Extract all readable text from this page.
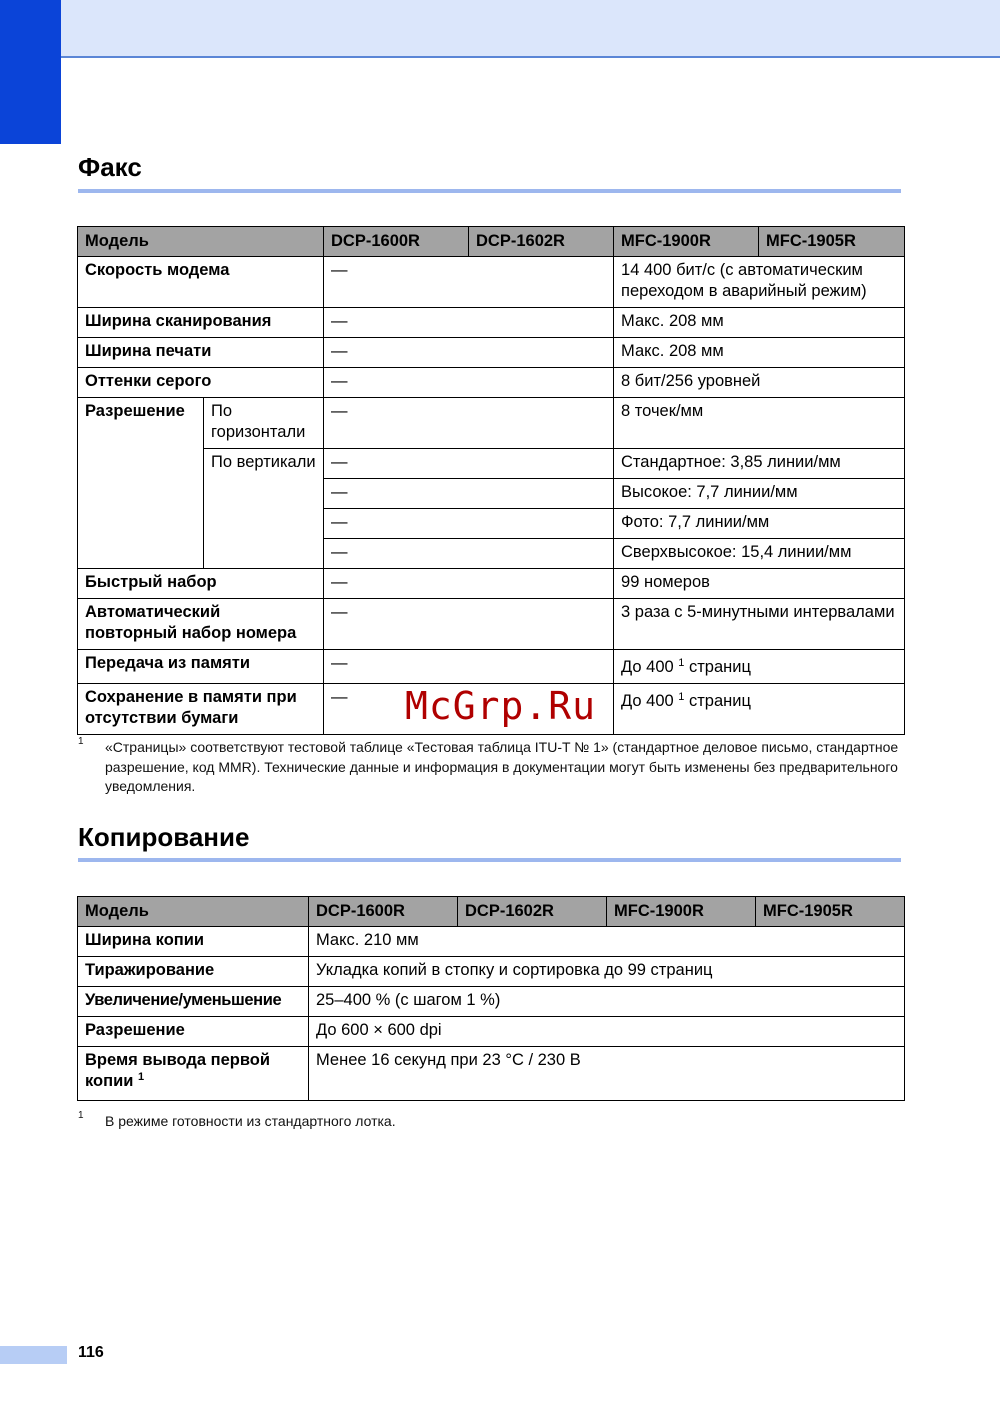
Факс
Модель		DCP-1600R	DCP-1602R	MFC-1900R	MFC-1905R
Скорость модема		—		14 400 бит/с (с автоматическим переходом в аварийный режим)	
Ширина сканирования		—		Макс. 208 мм	
Ширина печати		—		Макс. 208 мм	
Оттенки серого		—		8 бит/256 уровней	
Разрешение	По горизонтали	—		8 точек/мм	
	По вертикали	—		Стандартное: 3,85 линии/мм	
		—		Высокое: 7,7 линии/мм	
		—		Фото: 7,7 линии/мм	
		—		Сверхвысокое: 15,4 линии/мм	
Быстрый набор		—		99 номеров	
Автоматический повторный набор номера		—		3 раза с 5-минутными интервалами	
Передача из памяти		—		До 400 $^1$ страниц	
Сохранение в памяти при отсутствии бумаги		—		До 400 $^1$ страниц	

McGrp.Ru

1 «Страницы» соответствуют тестовой таблице «Тестовая таблица ITU-T № 1» (стандартное деловое письмо, стандартное разрешение, код MMR). Технические данные и информация в документации могут быть изменены без предварительного уведомления.
Копирование
Модель	DCP-1600R	DCP-1602R	MFC-1900R	MFC-1905R
Ширина копии	Макс. 210 мм			
Тиражирование	Укладка копий в стопку и сортировка до 99 страниц			
Увеличение/уменьшение	25–400 % (с шагом 1 %)			
Разрешение	До 600 × 600 dpi			
Время вывода первой копии $^1$	Менее 16 секунд при 23 °C / 230 В			
1 В режиме готовности из стандартного лотка.
116
